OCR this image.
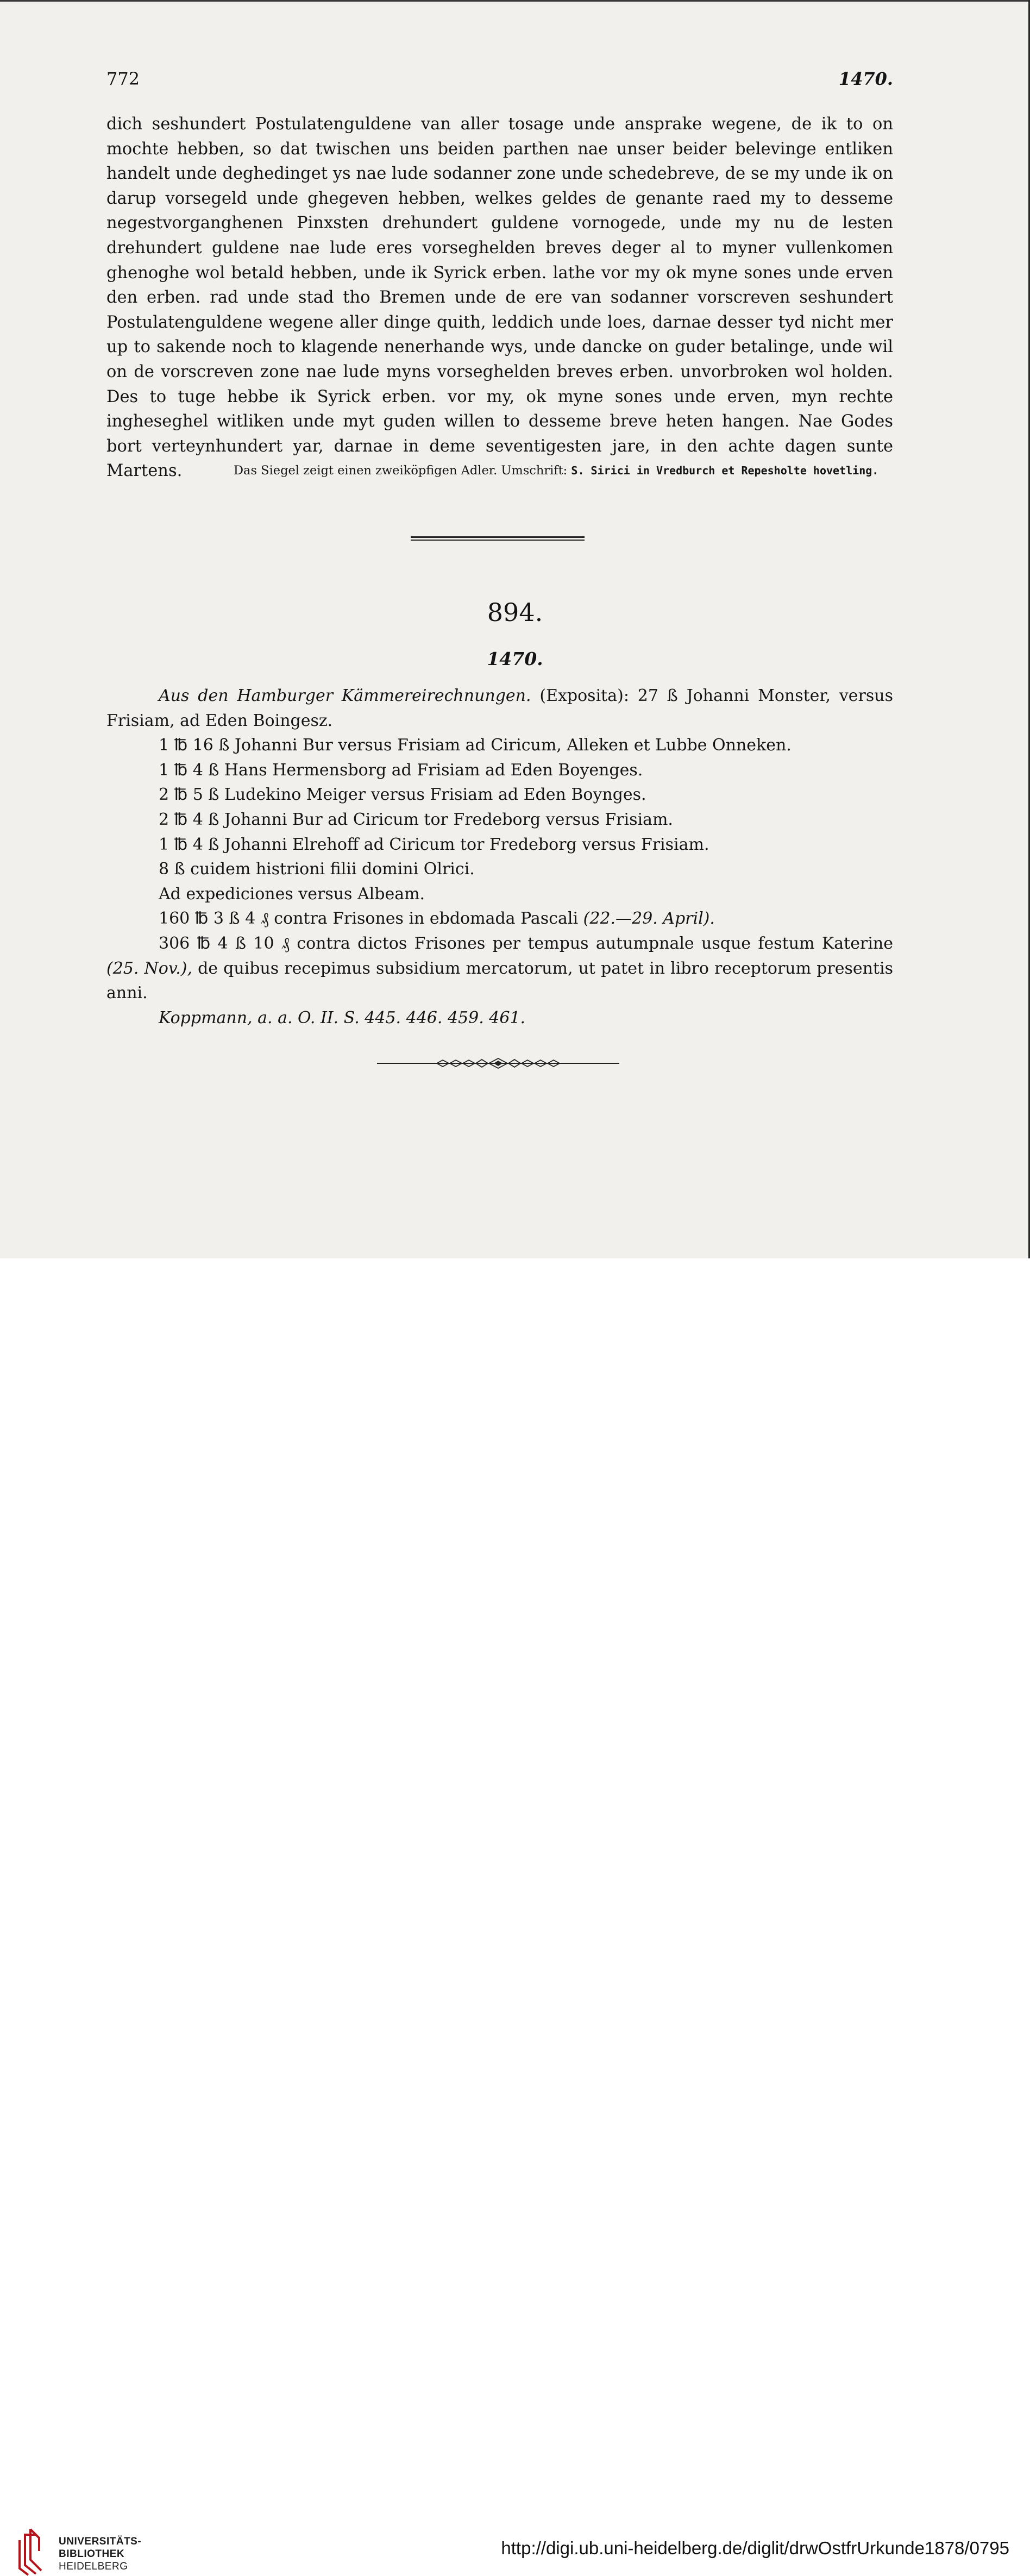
772	1470.

dich seshundert Postulatenguldene van aller tosage unde ansprake wegene, de ik to on mochte hebben, so dat twischen uns beiden parthen nae unser beider belevinge entliken handelt unde deghedinget ys nae lude sodanner zone unde schedebreve, de se my unde ik on darup vorsegeld unde ghegeven hebben, welkes geldes de genante raed my to desseme negestvorganghenen Pinxsten drehundert guldene vornogede, unde my nu de lesten drehundert guldene nae lude eres vorseghelden breves deger al to myner vullenkomen ghenoghe wol betald hebben, unde ik Syrick erben. lathe vor my ok myne sones unde erven den erben. rad unde stad tho Bremen unde de ere van sodanner vorscreven seshundert Postulatenguldene wegene aller dinge quith, leddich unde loes, darnae desser tyd nicht mer up to sakende noch to klagende nenerhande wys, unde dancke on guder betalinge, unde wil on de vorscreven zone nae lude myns vorseghelden breves erben. unvorbroken wol holden. Des to tuge hebbe ik Syrick erben. vor my, ok myne sones unde erven, myn rechte ingheseghel witliken unde myt guden willen to desseme breve heten hangen. Nae Godes bort verteynhundert yar, darnae in deme seventigesten jare, in den achte dagen sunte Martens.	Das Siegel zeigt einen zweiköpfigen Adler. Umschrift: S. Sirici in Vredburch et Repesholte hovetling.

894.
1470.

Aus den Hamburger Kämmereirechnungen. (Exposita): 27 ß Johanni Monster, versus Frisiam, ad Eden Boingesz.

1 ℔ 16 ß Johanni Bur versus Frisiam ad Ciricum, Alleken et Lubbe Onneken.

1 ℔ 4 ß Hans Hermensborg ad Frisiam ad Eden Boyenges.

2 ℔ 5 ß Ludekino Meiger versus Frisiam ad Eden Boynges.

2 ℔ 4 ß Johanni Bur ad Ciricum tor Fredeborg versus Frisiam.

1 ℔ 4 ß Johanni Elrehoff ad Ciricum tor Fredeborg versus Frisiam.

8 ß cuidem histrioni filii domini Olrici.

Ad expediciones versus Albeam.

160 ℔ 3 ß 4 ₰ contra Frisones in ebdomada Pascali (22.—29. April).

306 ℔ 4 ß 10 ₰ contra dictos Frisones per tempus autumpnale usque festum Katerine (25. Nov.), de quibus recepimus subsidium mercatorum, ut patet in libro receptorum presentis anni.

Koppmann, a. a. O. II. S. 445. 446. 459. 461.

UNIVERSITÄTS-
BIBLIOTHEK
HEIDELBERG
http://digi.ub.uni-heidelberg.de/diglit/drwOstfrUrkunde1878/0795
